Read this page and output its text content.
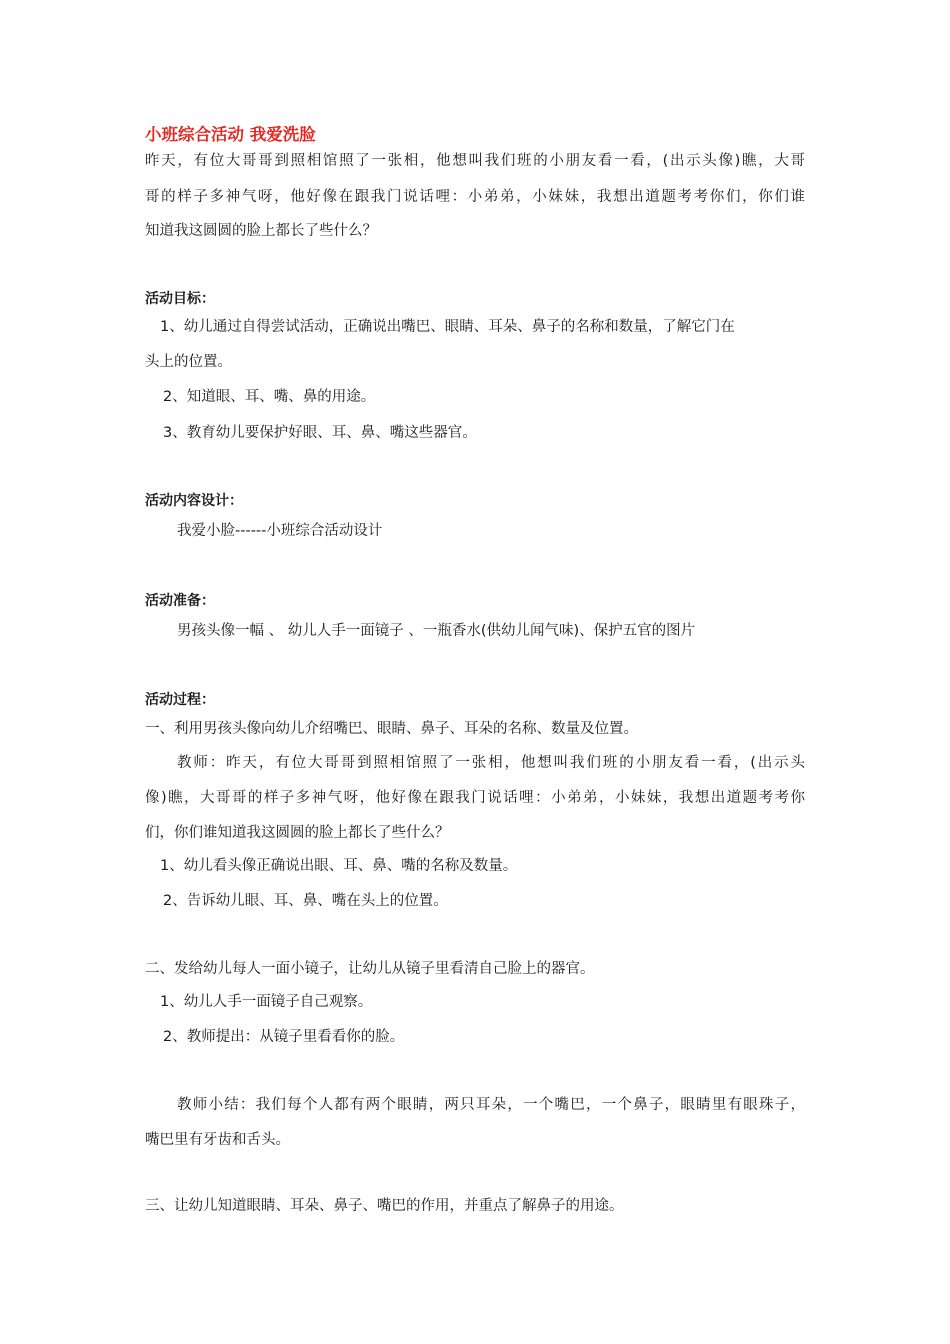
小班综合活动 我爱洗脸
昨天，有位大哥哥到照相馆照了一张相，他想叫我们班的小朋友看一看，(出示头像)瞧，大哥
哥的样子多神气呀，他好像在跟我门说话哩：小弟弟，小妹妹，我想出道题考考你们，你们谁
知道我这圆圆的脸上都长了些什么？
活动目标：
1、幼儿通过自得尝试活动，正确说出嘴巴、眼睛、耳朵、鼻子的名称和数量，了解它门在
头上的位置。
2、知道眼、耳、嘴、鼻的用途。
3、教育幼儿要保护好眼、耳、鼻、嘴这些器官。
活动内容设计：
我爱小脸------小班综合活动设计
活动准备：
男孩头像一幅 、 幼儿人手一面镜子 、一瓶香水(供幼儿闻气味)、保护五官的图片
活动过程：
一、利用男孩头像向幼儿介绍嘴巴、眼睛、鼻子、耳朵的名称、数量及位置。
教师：昨天，有位大哥哥到照相馆照了一张相，他想叫我们班的小朋友看一看，(出示头
像)瞧，大哥哥的样子多神气呀，他好像在跟我门说话哩：小弟弟，小妹妹，我想出道题考考你
们，你们谁知道我这圆圆的脸上都长了些什么？
1、幼儿看头像正确说出眼、耳、鼻、嘴的名称及数量。
2、告诉幼儿眼、耳、鼻、嘴在头上的位置。
二、发给幼儿每人一面小镜子，让幼儿从镜子里看清自己脸上的器官。
1、幼儿人手一面镜子自己观察。
2、教师提出：从镜子里看看你的脸。
教师小结：我们每个人都有两个眼睛，两只耳朵，一个嘴巴，一个鼻子，眼睛里有眼珠子，
嘴巴里有牙齿和舌头。
三、让幼儿知道眼睛、耳朵、鼻子、嘴巴的作用，并重点了解鼻子的用途。
